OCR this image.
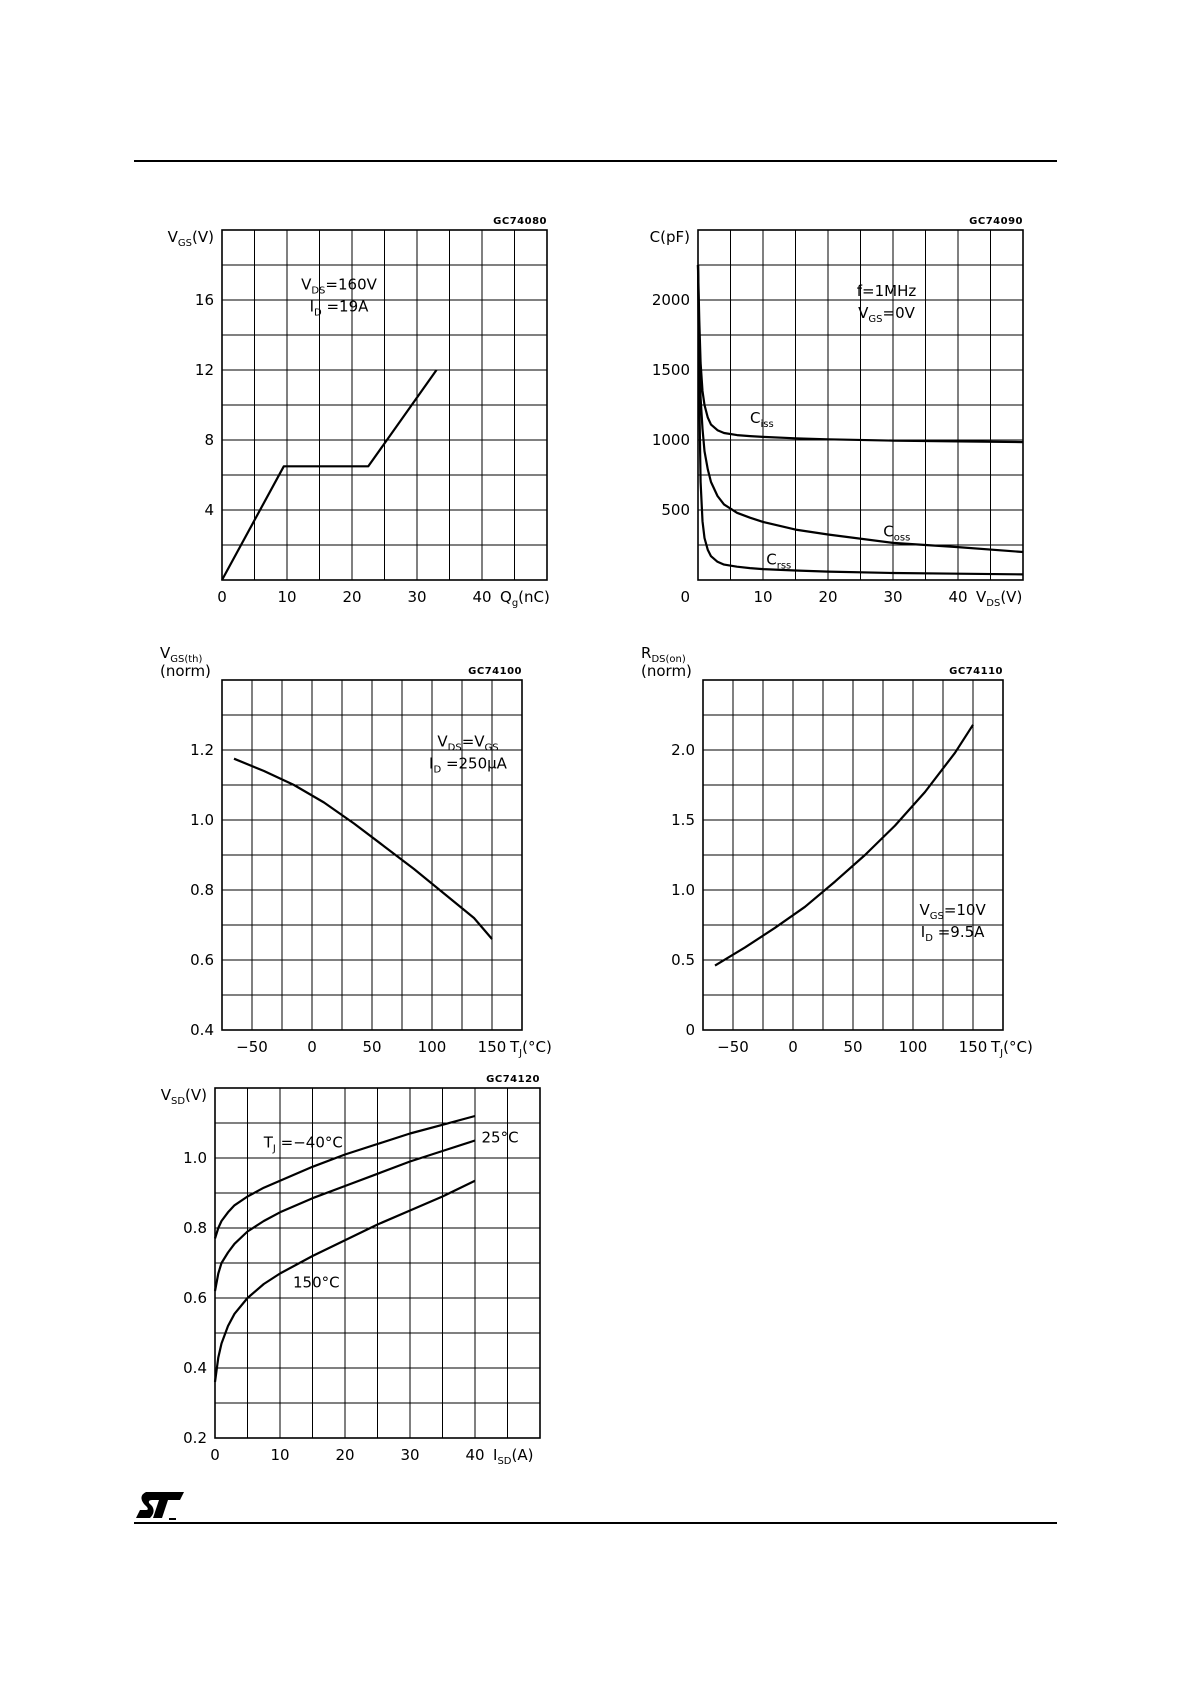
GC74080
4
8
12
16
0	10	20	30	40 $Q_g(nC)$
$V_{GS}(V)$
$V_{DS}=160V$
$I_D =19A$
GC74090
500
1000
1500
2000
10	20	30	40
0	$V_{DS}(V)$
C(pF)
f=1MHz
$V_{GS}=0V$
$C_{iss}$
$C_{oss}$
$C_{rss}$
GC74100
0.4
0.6
0.8
1.0
1.2
−50	0	50 100 150 $T_J(^\circ C)$
$V_{GS(th)}$
(norm)
$V_{DS}=V_{GS}$
$I_D =250\mu A$
GC74110
0
0.5
1.0
1.5
2.0
−50	0	50 100 150 $T_J(^\circ C)$
$R_{DS(on)}$
(norm)
$V_{GS}=10V$
$I_D =9.5A$
GC74120
0.2
0.4
0.6
0.8
1.0
0	10	20	30	40 $I_{SD}(A)$
$V_{SD}(V)$
$T_J =-40^\circ C$	25°C
150°C
